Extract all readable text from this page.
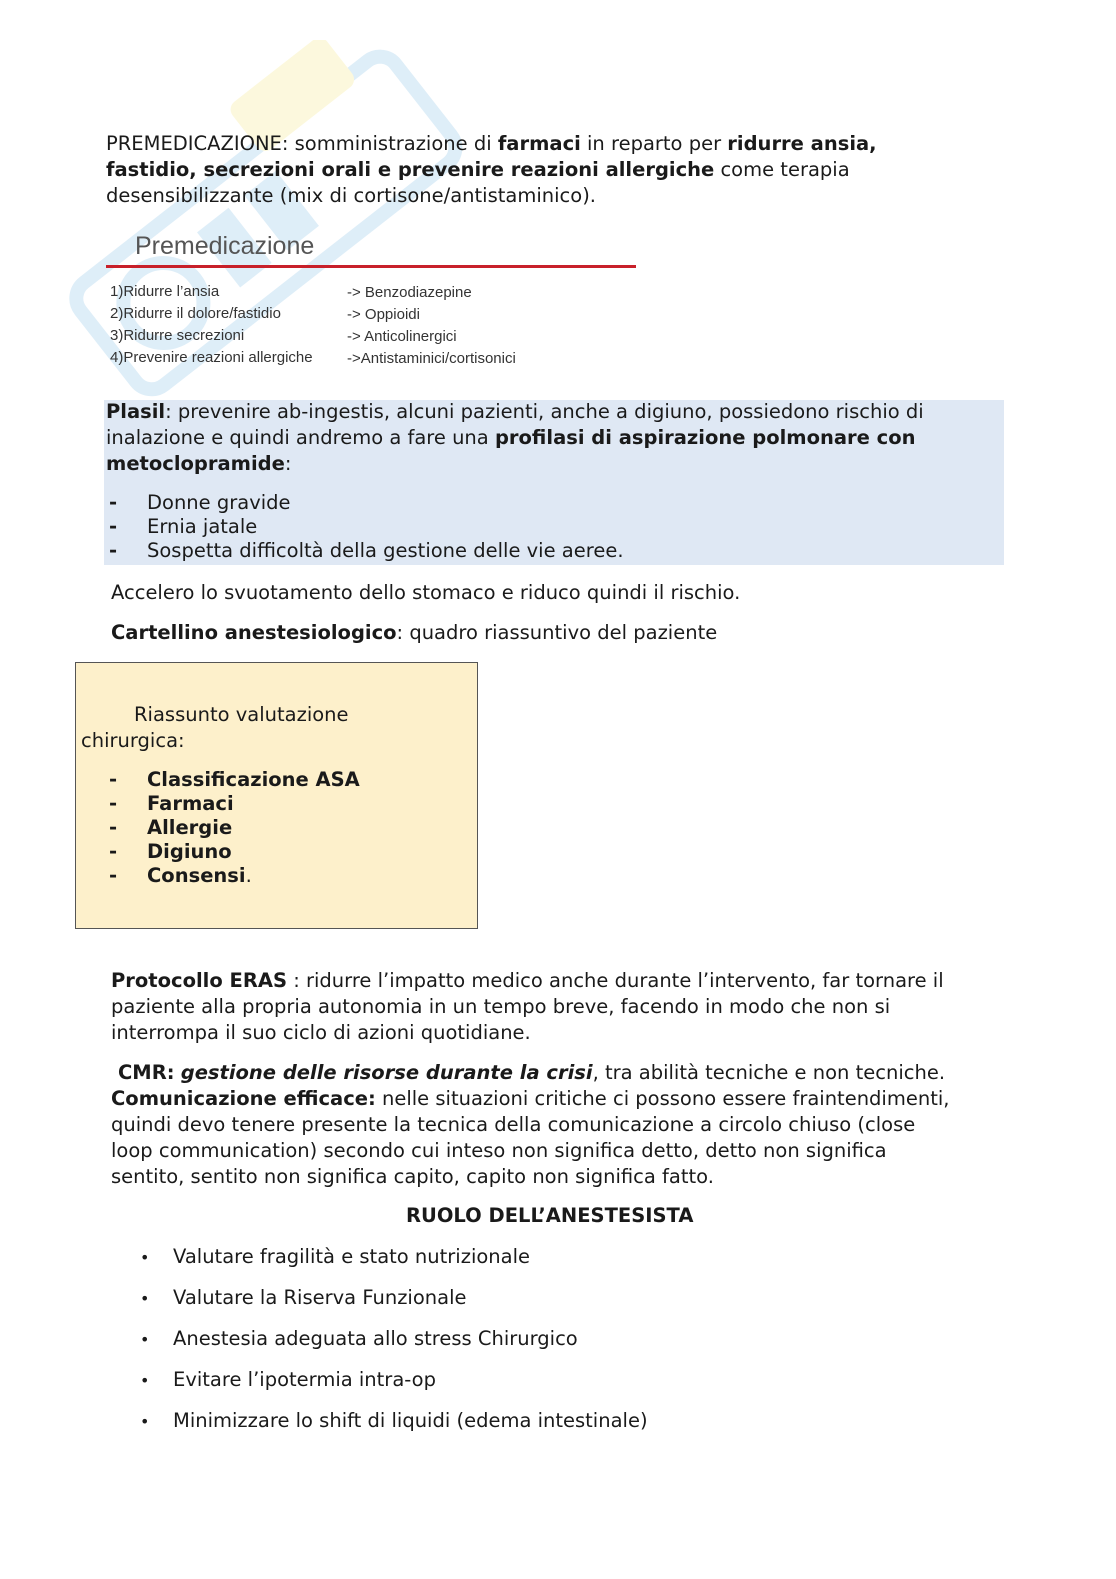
PREMEDICAZIONE: somministrazione di farmaci in reparto per ridurre ansia,
fastidio, secrezioni orali e prevenire reazioni allergiche come terapia
desensibilizzante (mix di cortisone/antistaminico).
Premedicazione
1)Ridurre l’ansia
2)Ridurre il dolore/fastidio
3)Ridurre secrezioni
4)Prevenire reazioni allergiche
-> Benzodiazepine
-> Oppioidi
-> Anticolinergici
->Antistaminici/cortisonici
Plasil: prevenire ab-ingestis, alcuni pazienti, anche a digiuno, possiedono rischio di
inalazione e quindi andremo a fare una profilasi di aspirazione polmonare con
metoclopramide:
- Donne gravide
- Ernia jatale
- Sospetta difficoltà della gestione delle vie aeree.
Accelero lo svuotamento dello stomaco e riduco quindi il rischio.
Cartellino anestesiologico: quadro riassuntivo del paziente
Riassunto valutazione
chirurgica:
- Classificazione ASA
- Farmaci
- Allergie
- Digiuno
- Consensi.
Protocollo ERAS : ridurre l’impatto medico anche durante l’intervento, far tornare il
paziente alla propria autonomia in un tempo breve, facendo in modo che non si
interrompa il suo ciclo di azioni quotidiane.
CMR: gestione delle risorse durante la crisi, tra abilità tecniche e non tecniche.
Comunicazione efficace: nelle situazioni critiche ci possono essere fraintendimenti,
quindi devo tenere presente la tecnica della comunicazione a circolo chiuso (close
loop communication) secondo cui inteso non significa detto, detto non significa
sentito, sentito non significa capito, capito non significa fatto.
RUOLO DELL’ANESTESISTA
• Valutare fragilità e stato nutrizionale
• Valutare la Riserva Funzionale
• Anestesia adeguata allo stress Chirurgico
• Evitare l’ipotermia intra-op
• Minimizzare lo shift di liquidi (edema intestinale)
